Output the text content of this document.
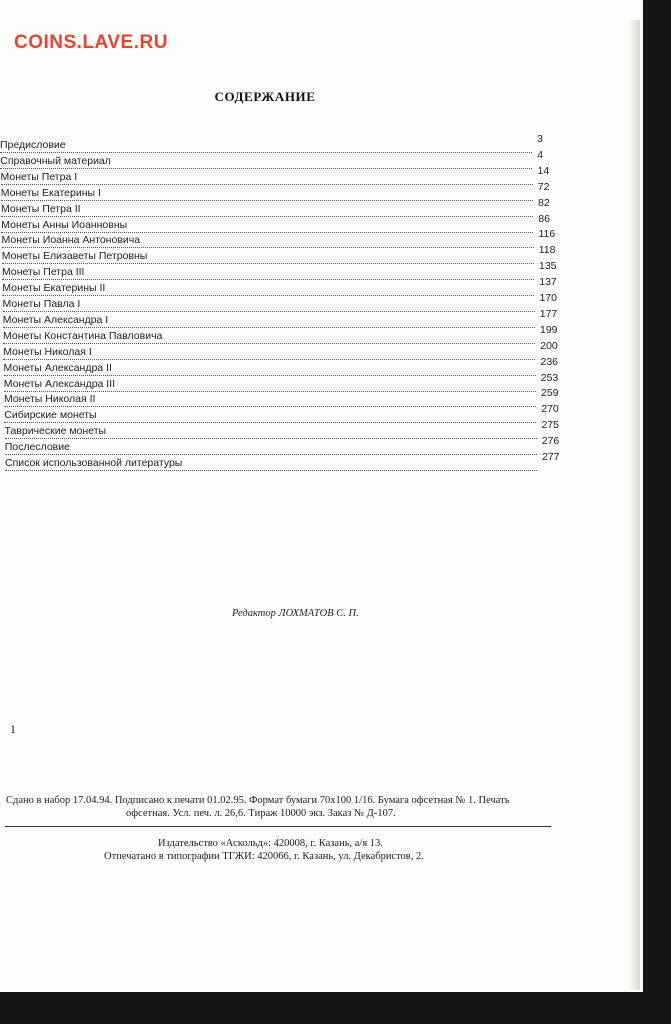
COINS.LAVE.RU
СОДЕРЖАНИЕ
Предисловие	3
Справочный материал	4
Монеты Петра I	14
Монеты Екатерины I	72
Монеты Петра II	82
Монеты Анны Иоанновны	86
Монеты Иоанна Антоновича	116
Монеты Елизаветы Петровны	118
Монеты Петра III	135
Монеты Екатерины II	137
Монеты Павла I	170
Монеты Александра I	177
Монеты Константина Павловича	199
Монеты Николая I	200
Монеты Александра II	236
Монеты Александра III	253
Монеты Николая II	259
Сибирские монеты	270
Таврические монеты	275
Послесловие	276
Список использованной литературы	277
Редактор ЛОХМАТОВ С. П.
1
Сдано в набор 17.04.94. Подписано к печати 01.02.95. Формат бумаги 70х100 1/16. Бумага офсетная № 1. Печать
офсетная. Усл. печ. л. 26,6. Тираж 10000 экз. Заказ № Д-107.
Издательство «Аскольд»: 420008, г. Казань, а/я 13.
Отпечатано в типографии ТГЖИ: 420066, г. Казань, ул. Декабристов, 2.
